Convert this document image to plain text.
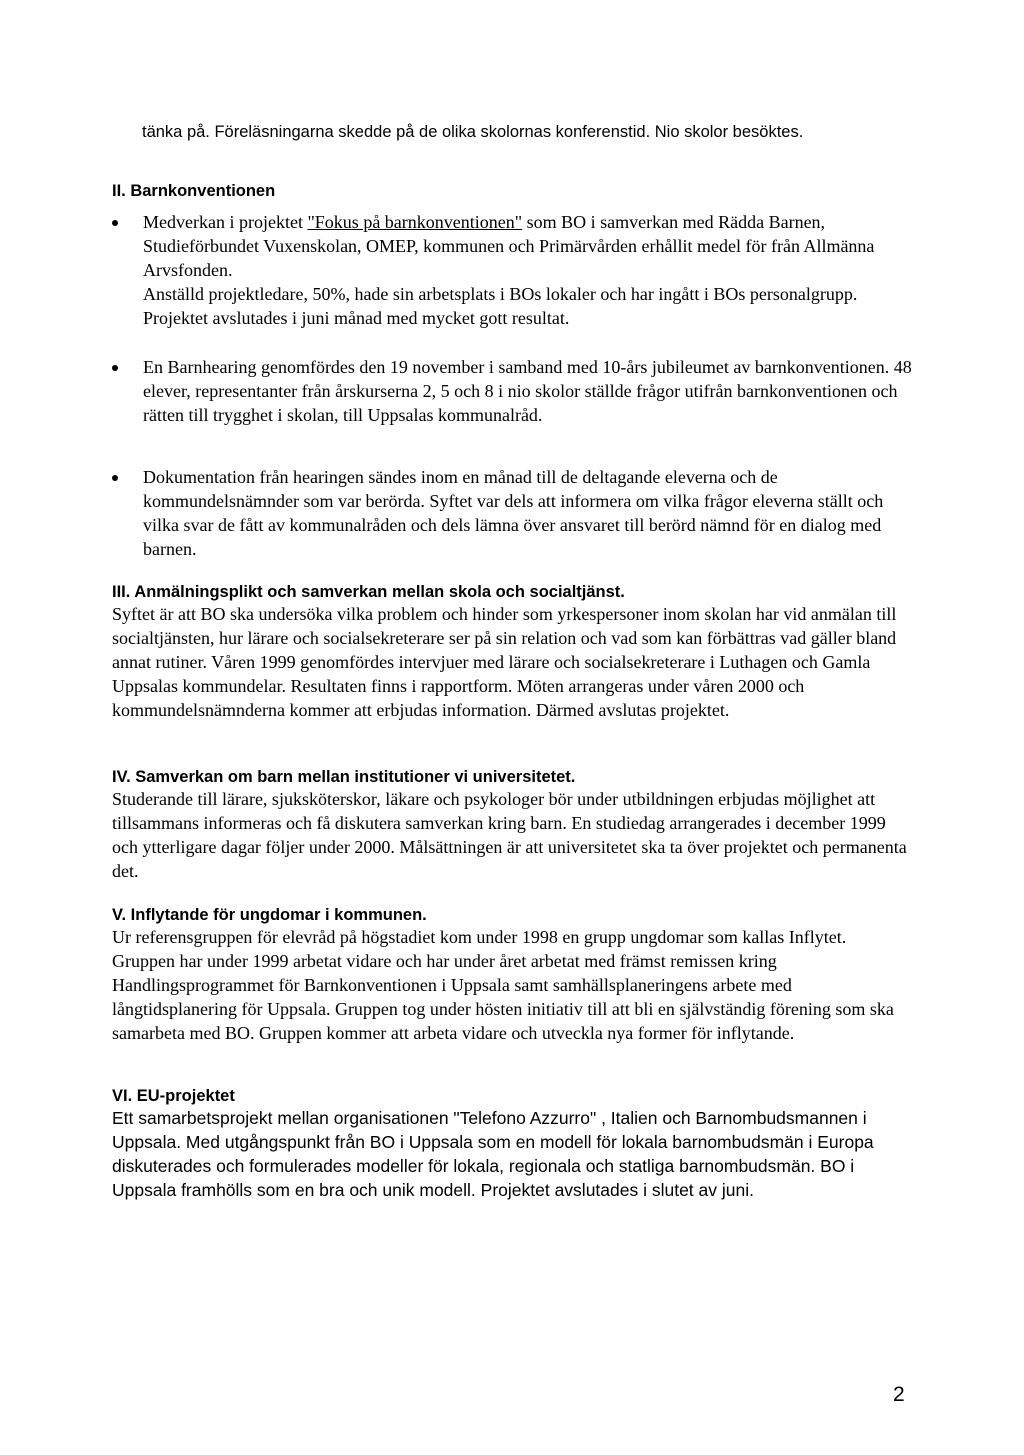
tänka på. Föreläsningarna skedde på de olika skolornas konferenstid. Nio skolor besöktes.
II. Barnkonventionen
Medverkan i projektet "Fokus på barnkonventionen" som BO i samverkan med Rädda Barnen, Studieförbundet Vuxenskolan, OMEP, kommunen och Primärvården erhållit medel för från Allmänna Arvsfonden.
Anställd projektledare, 50%, hade sin arbetsplats i BOs lokaler och har ingått i BOs personalgrupp. Projektet avslutades i juni månad med mycket gott resultat.
En Barnhearing genomfördes den 19 november i samband med 10-års jubileumet av barnkonventionen. 48 elever, representanter från årskurserna 2, 5 och 8 i nio skolor ställde frågor utifrån barnkonventionen och rätten till trygghet i skolan, till Uppsalas kommunalråd.
Dokumentation från hearingen sändes inom en månad till de deltagande eleverna och de kommundelsnämnder som var berörda. Syftet var dels att informera om vilka frågor eleverna ställt och vilka svar de fått av kommunalråden och dels lämna över ansvaret till berörd nämnd för en dialog med barnen.
III. Anmälningsplikt och samverkan mellan skola och socialtjänst.
Syftet är att BO ska undersöka vilka problem och hinder som yrkespersoner inom skolan har vid anmälan till socialtjänsten, hur lärare och socialsekreterare ser på sin relation och vad som kan förbättras vad gäller bland annat rutiner. Våren 1999 genomfördes intervjuer med lärare och socialsekreterare i Luthagen och Gamla Uppsalas kommundelar. Resultaten finns i rapportform. Möten arrangeras under våren 2000 och kommundelsnämnderna kommer att erbjudas information. Därmed avslutas projektet.
IV. Samverkan om barn mellan institutioner vi universitetet.
Studerande till lärare, sjuksköterskor, läkare och psykologer bör under utbildningen erbjudas möjlighet att tillsammans informeras och få diskutera samverkan kring barn. En studiedag arrangerades i december 1999 och ytterligare dagar följer under 2000. Målsättningen är att universitetet ska ta över projektet och permanenta det.
V. Inflytande för ungdomar i kommunen.
Ur referensgruppen för elevråd på högstadiet kom under 1998 en grupp ungdomar som kallas Inflytet. Gruppen har under 1999 arbetat vidare och har under året arbetat med främst remissen kring Handlingsprogrammet för Barnkonventionen i Uppsala samt samhällsplaneringens arbete med långtidsplanering för Uppsala. Gruppen tog under hösten initiativ till att bli en självständig förening som ska samarbeta med BO. Gruppen kommer att arbeta vidare och utveckla nya former för inflytande.
VI. EU-projektet
Ett samarbetsprojekt mellan organisationen "Telefono Azzurro" , Italien och Barnombudsmannen i Uppsala. Med utgångspunkt från BO i Uppsala som en modell för lokala barnombudsmän i Europa diskuterades och formulerades modeller för lokala, regionala och statliga barnombudsmän. BO i Uppsala framhölls som en bra och unik modell. Projektet avslutades i slutet av juni.
2
